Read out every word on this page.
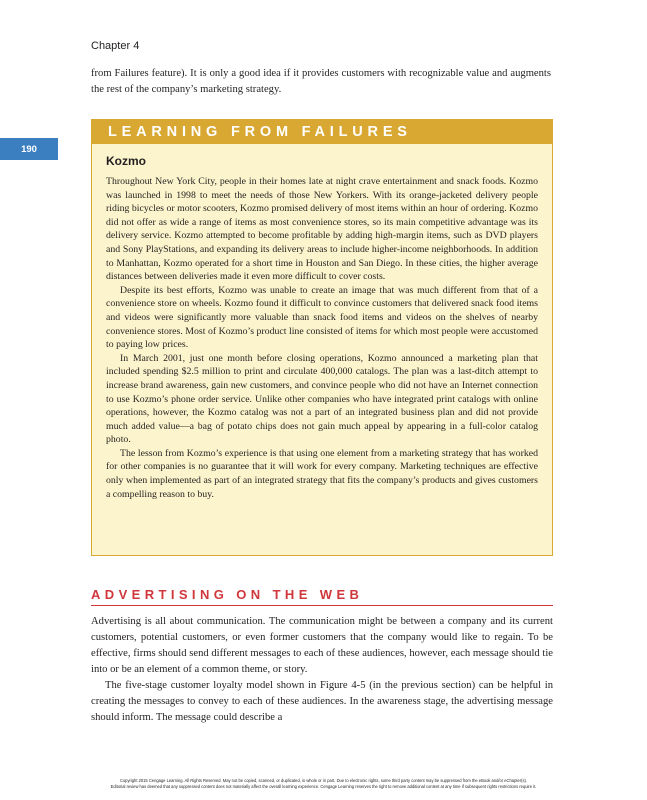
Chapter 4

from Failures feature). It is only a good idea if it provides customers with recognizable value and augments the rest of the company’s marketing strategy.

190
LEARNING FROM FAILURES
Kozmo

Throughout New York City, people in their homes late at night crave entertainment and snack foods. Kozmo was launched in 1998 to meet the needs of those New Yorkers. With its orange-jacketed delivery people riding bicycles or motor scooters, Kozmo promised delivery of most items within an hour of ordering. Kozmo did not offer as wide a range of items as most convenience stores, so its main competitive advantage was its delivery service. Kozmo attempted to become profitable by adding high-margin items, such as DVD players and Sony PlayStations, and expanding its delivery areas to include higher-income neighborhoods. In addition to Manhattan, Kozmo operated for a short time in Houston and San Diego. In these cities, the higher average distances between deliveries made it even more difficult to cover costs.

Despite its best efforts, Kozmo was unable to create an image that was much different from that of a convenience store on wheels. Kozmo found it difficult to convince customers that delivered snack food items and videos were significantly more valuable than snack food items and videos on the shelves of nearby convenience stores. Most of Kozmo’s product line consisted of items for which most people were accustomed to paying low prices.

In March 2001, just one month before closing operations, Kozmo announced a marketing plan that included spending $2.5 million to print and circulate 400,000 catalogs. The plan was a last-ditch attempt to increase brand awareness, gain new customers, and convince people who did not have an Internet connection to use Kozmo’s phone order service. Unlike other companies who have integrated print catalogs with online operations, however, the Kozmo catalog was not a part of an integrated business plan and did not provide much added value—a bag of potato chips does not gain much appeal by appearing in a full-color catalog photo.

The lesson from Kozmo’s experience is that using one element from a marketing strategy that has worked for other companies is no guarantee that it will work for every company. Marketing techniques are effective only when implemented as part of an integrated strategy that fits the company’s products and gives customers a compelling reason to buy.

ADVERTISING ON THE WEB

Advertising is all about communication. The communication might be between a company and its current customers, potential customers, or even former customers that the company would like to regain. To be effective, firms should send different messages to each of these audiences, however, each message should tie into or be an element of a common theme, or story.

The five-stage customer loyalty model shown in Figure 4-5 (in the previous section) can be helpful in creating the messages to convey to each of these audiences. In the awareness stage, the advertising message should inform. The message could describe a

Copyright 2015 Cengage Learning. All Rights Reserved. May not be copied, scanned, or duplicated, in whole or in part. Due to electronic rights, some third party content may be suppressed from the eBook and/or eChapter(s).
Editorial review has deemed that any suppressed content does not materially affect the overall learning experience. Cengage Learning reserves the right to remove additional content at any time if subsequent rights restrictions require it.
